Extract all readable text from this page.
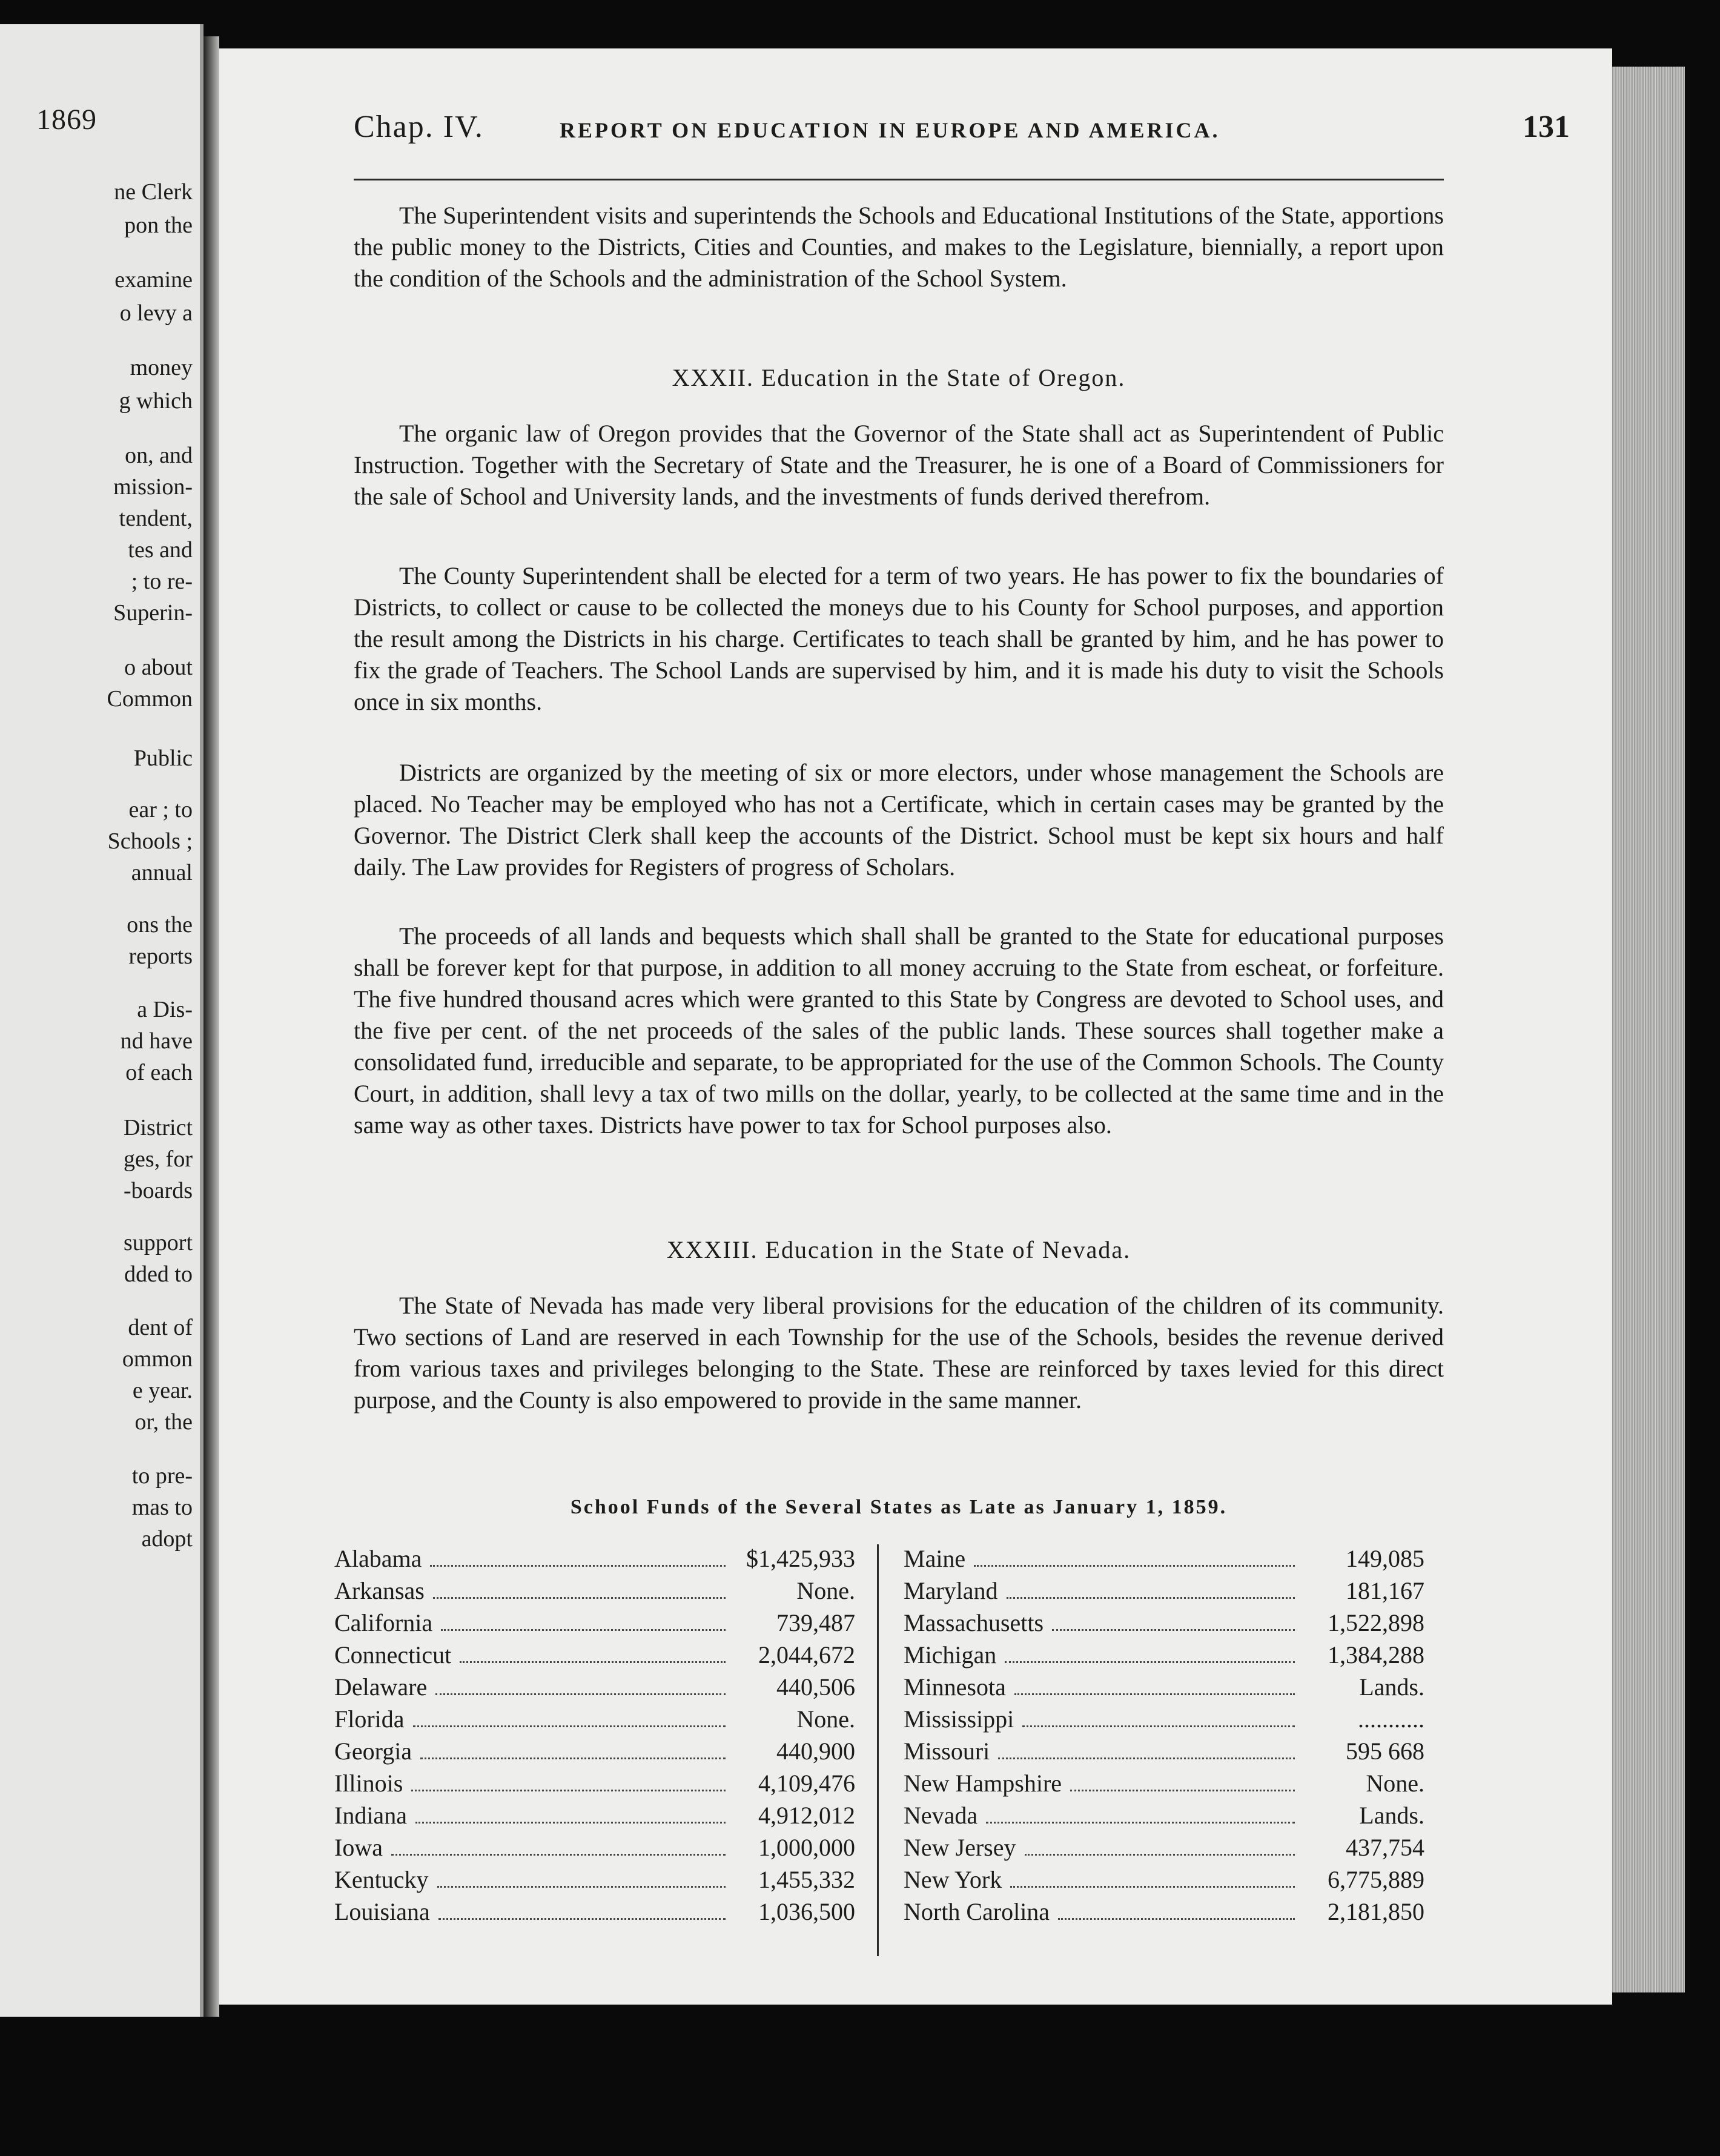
1869
ne Clerk
pon the
examine
o levy a
money
g which
on, and
mission-
tendent,
tes and
; to re-
Superin-
o about
Common
Public
ear ; to
Schools ;
annual
ons the
reports
a Dis-
nd have
of each
District
ges, for
-boards
support
dded to
dent of
ommon
e year.
or, the
to pre-
mas to
adopt
Chap. IV.	REPORT ON EDUCATION IN EUROPE AND AMERICA.	131
The Superintendent visits and superintends the Schools and Educational Institutions of the State, apportions the public money to the Districts, Cities and Counties, and makes to the Legislature, biennially, a report upon the condition of the Schools and the administration of the School System.
XXXII. Education in the State of Oregon.
The organic law of Oregon provides that the Governor of the State shall act as Superintendent of Public Instruction. Together with the Secretary of State and the Treasurer, he is one of a Board of Commissioners for the sale of School and University lands, and the investments of funds derived therefrom.
The County Superintendent shall be elected for a term of two years. He has power to fix the boundaries of Districts, to collect or cause to be collected the moneys due to his County for School purposes, and apportion the result among the Districts in his charge. Certificates to teach shall be granted by him, and he has power to fix the grade of Teachers. The School Lands are supervised by him, and it is made his duty to visit the Schools once in six months.
Districts are organized by the meeting of six or more electors, under whose management the Schools are placed. No Teacher may be employed who has not a Certificate, which in certain cases may be granted by the Governor. The District Clerk shall keep the accounts of the District. School must be kept six hours and half daily. The Law provides for Registers of progress of Scholars.
The proceeds of all lands and bequests which shall shall be granted to the State for educational purposes shall be forever kept for that purpose, in addition to all money accruing to the State from escheat, or forfeiture. The five hundred thousand acres which were granted to this State by Congress are devoted to School uses, and the five per cent. of the net proceeds of the sales of the public lands. These sources shall together make a consolidated fund, irreducible and separate, to be appropriated for the use of the Common Schools. The County Court, in addition, shall levy a tax of two mills on the dollar, yearly, to be collected at the same time and in the same way as other taxes. Districts have power to tax for School purposes also.
XXXIII. Education in the State of Nevada.
The State of Nevada has made very liberal provisions for the education of the children of its community. Two sections of Land are reserved in each Township for the use of the Schools, besides the revenue derived from various taxes and privileges belonging to the State. These are reinforced by taxes levied for this direct purpose, and the County is also empowered to provide in the same manner.
School Funds of the Several States as Late as January 1, 1859.
Alabama	$1,425,933
Arkansas	None.
California	739,487
Connecticut	2,044,672
Delaware	440,506
Florida	None.
Georgia	440,900
Illinois	4,109,476
Indiana	4,912,012
Iowa	1,000,000
Kentucky	1,455,332
Louisiana	1,036,500
Maine	149,085
Maryland	181,167
Massachusetts	1,522,898
Michigan	1,384,288
Minnesota	Lands.
Mississippi	...........
Missouri	595 668
New Hampshire	None.
Nevada	Lands.
New Jersey	437,754
New York	6,775,889
North Carolina	2,181,850
